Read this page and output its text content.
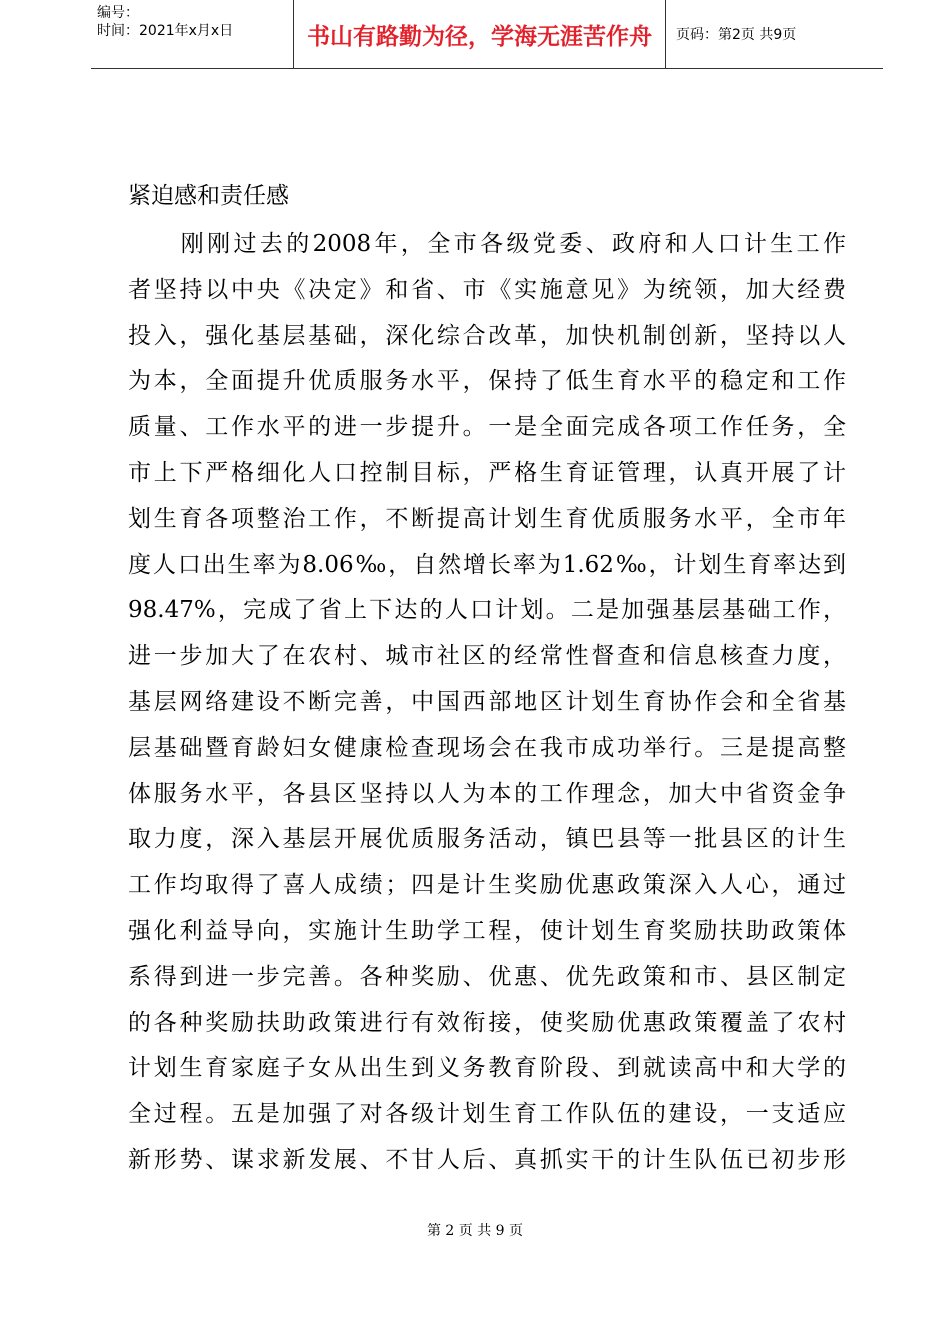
编号：
时间：2021年x月x日	书山有路勤为径，学海无涯苦作舟	页码：第2页 共9页
紧迫感和责任感
　　刚刚过去的2008年，全市各级党委、政府和人口计生工作
者坚持以中央《决定》和省、市《实施意见》为统领，加大经费
投入，强化基层基础，深化综合改革，加快机制创新，坚持以人
为本，全面提升优质服务水平，保持了低生育水平的稳定和工作
质量、工作水平的进一步提升。一是全面完成各项工作任务，全
市上下严格细化人口控制目标，严格生育证管理，认真开展了计
划生育各项整治工作，不断提高计划生育优质服务水平，全市年
度人口出生率为8.06‰，自然增长率为1.62‰，计划生育率达到
98.47%，完成了省上下达的人口计划。二是加强基层基础工作，
进一步加大了在农村、城市社区的经常性督查和信息核查力度，
基层网络建设不断完善，中国西部地区计划生育协作会和全省基
层基础暨育龄妇女健康检查现场会在我市成功举行。三是提高整
体服务水平，各县区坚持以人为本的工作理念，加大中省资金争
取力度，深入基层开展优质服务活动，镇巴县等一批县区的计生
工作均取得了喜人成绩；四是计生奖励优惠政策深入人心，通过
强化利益导向，实施计生助学工程，使计划生育奖励扶助政策体
系得到进一步完善。各种奖励、优惠、优先政策和市、县区制定
的各种奖励扶助政策进行有效衔接，使奖励优惠政策覆盖了农村
计划生育家庭子女从出生到义务教育阶段、到就读高中和大学的
全过程。五是加强了对各级计划生育工作队伍的建设，一支适应
新形势、谋求新发展、不甘人后、真抓实干的计生队伍已初步形
第 2 页 共 9 页
